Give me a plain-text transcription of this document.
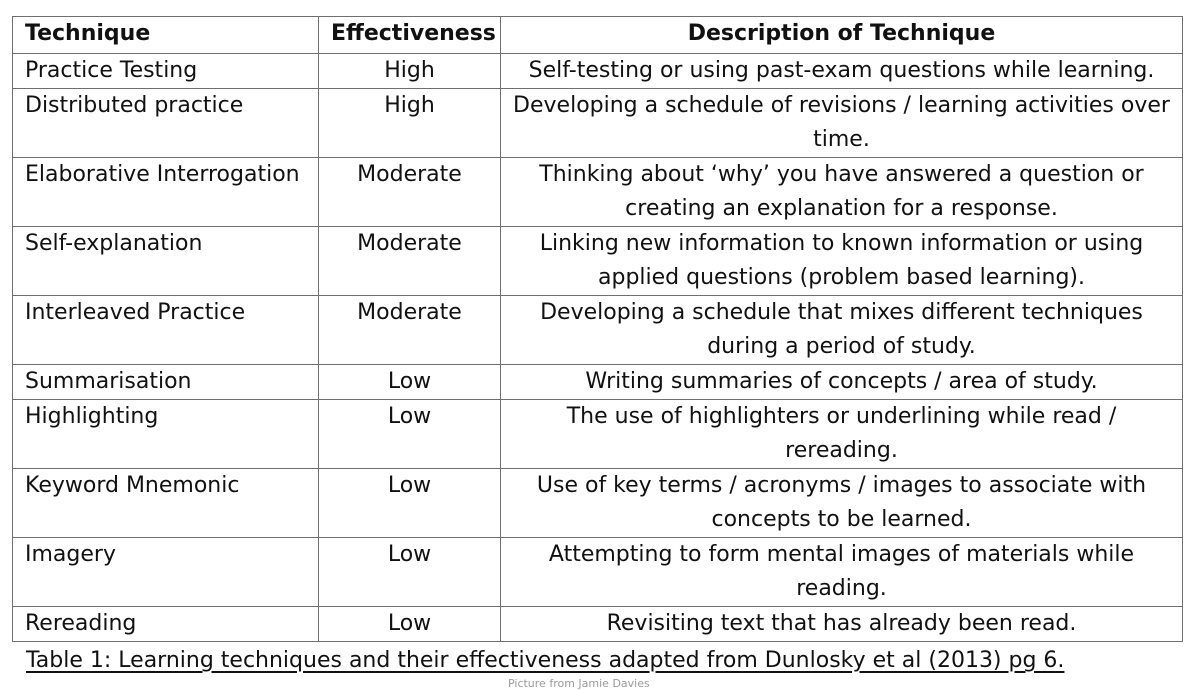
Technique	Effectiveness	Description of Technique
Practice Testing	High	Self-testing or using past-exam questions while learning.
Distributed practice	High	Developing a schedule of revisions / learning activities over time.
Elaborative Interrogation	Moderate	Thinking about ‘why’ you have answered a question or creating an explanation for a response.
Self-explanation	Moderate	Linking new information to known information or using applied questions (problem based learning).
Interleaved Practice	Moderate	Developing a schedule that mixes different techniques during a period of study.
Summarisation	Low	Writing summaries of concepts / area of study.
Highlighting	Low	The use of highlighters or underlining while read / rereading.
Keyword Mnemonic	Low	Use of key terms / acronyms / images to associate with concepts to be learned.
Imagery	Low	Attempting to form mental images of materials while reading.
Rereading	Low	Revisiting text that has already been read.
Table 1: Learning techniques and their effectiveness adapted from Dunlosky et al (2013) pg 6.
Picture from Jamie Davies
